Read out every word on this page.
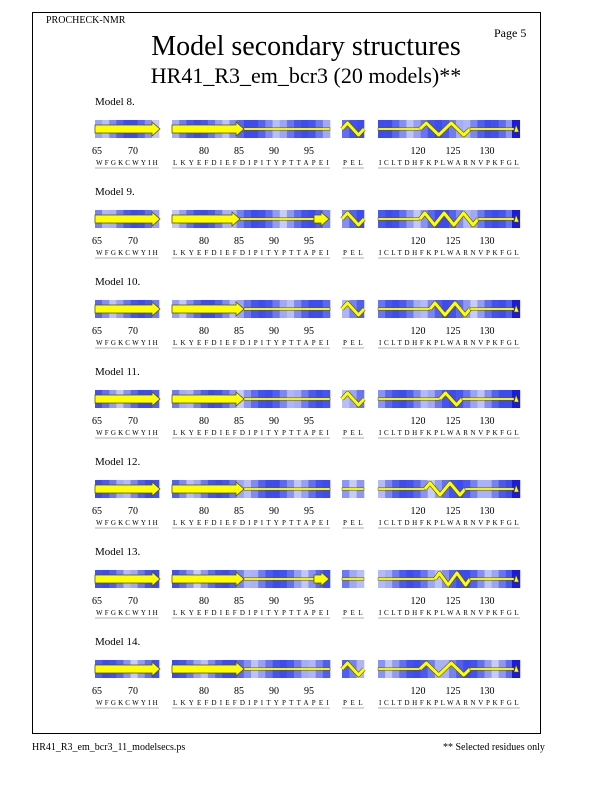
PROCHECK-NMR
Page 5
Model secondary structures
HR41_R3_em_bcr3 (20 models)**
Model 8.
65	70
WFGKCWYIH
80	85	90	95
LKYEFDIEFDIPITYPTTAPEI PEL
120 125 130
ICLTDHFKPLWARNVPKFGL
Model 9.
65	70
WFGKCWYIH
80	85	90	95
LKYEFDIEFDIPITYPTTAPEI PEL
120 125 130
ICLTDHFKPLWARNVPKFGL
Model 10.
65	70
WFGKCWYIH
80	85	90	95
LKYEFDIEFDIPITYPTTAPEI PEL
120 125 130
ICLTDHFKPLWARNVPKFGL
Model 11.
65	70
WFGKCWYIH
80	85	90	95
LKYEFDIEFDIPITYPTTAPEI PEL
120 125 130
ICLTDHFKPLWARNVPKFGL
Model 12.
65	70
WFGKCWYIH
80	85	90	95
LKYEFDIEFDIPITYPTTAPEI PEL
120 125 130
ICLTDHFKPLWARNVPKFGL
Model 13.
65	70
WFGKCWYIH
80	85	90	95
LKYEFDIEFDIPITYPTTAPEI PEL
120 125 130
ICLTDHFKPLWARNVPKFGL
Model 14.
65	70
WFGKCWYIH
80	85	90	95
LKYEFDIEFDIPITYPTTAPEI PEL
120 125 130
ICLTDHFKPLWARNVPKFGL
HR41_R3_em_bcr3_11_modelsecs.ps	** Selected residues only
